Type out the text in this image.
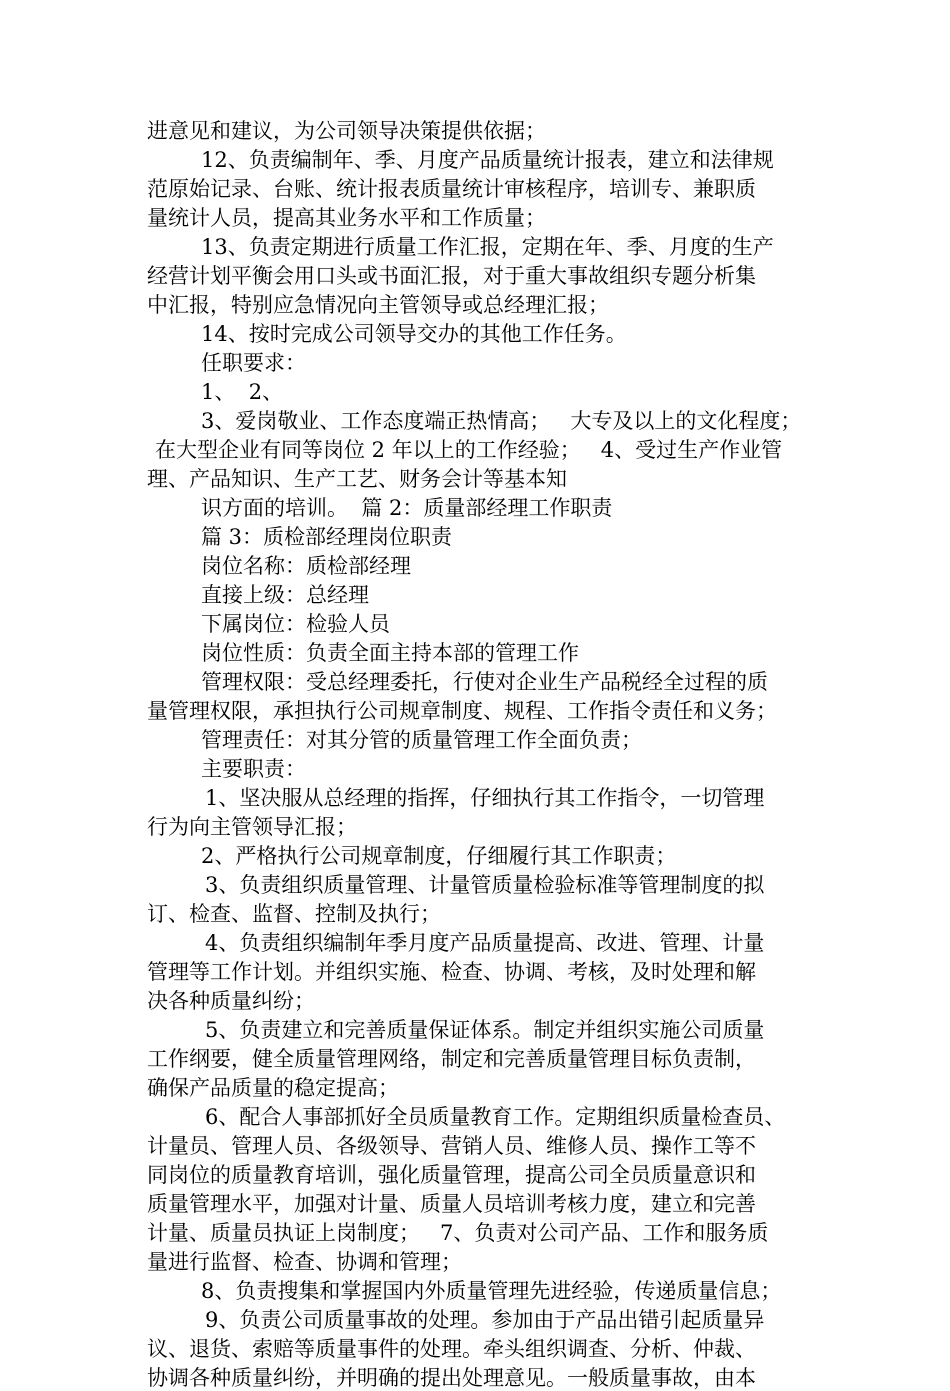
进意见和建议，为公司领导决策提供依据；
12、负责编制年、季、月度产品质量统计报表，建立和法律规
范原始记录、台账、统计报表质量统计审核程序，培训专、兼职质
量统计人员，提高其业务水平和工作质量；
13、负责定期进行质量工作汇报，定期在年、季、月度的生产
经营计划平衡会用口头或书面汇报，对于重大事故组织专题分析集
中汇报，特别应急情况向主管领导或总经理汇报；
14、按时完成公司领导交办的其他工作任务。
任职要求：
1、  2、
3、爱岗敬业、工作态度端正热情高；   大专及以上的文化程度；
在大型企业有同等岗位 2 年以上的工作经验；   4、受过生产作业管
理、产品知识、生产工艺、财务会计等基本知
识方面的培训。  篇 2：质量部经理工作职责
篇 3：质检部经理岗位职责
岗位名称：质检部经理
直接上级：总经理
下属岗位：检验人员
岗位性质：负责全面主持本部的管理工作
管理权限：受总经理委托，行使对企业生产品税经全过程的质
量管理权限，承担执行公司规章制度、规程、工作指令责任和义务；
管理责任：对其分管的质量管理工作全面负责；
主要职责：
1、坚决服从总经理的指挥，仔细执行其工作指令，一切管理
行为向主管领导汇报；
2、严格执行公司规章制度，仔细履行其工作职责；
3、负责组织质量管理、计量管质量检验标准等管理制度的拟
订、检查、监督、控制及执行；
4、负责组织编制年季月度产品质量提高、改进、管理、计量
管理等工作计划。并组织实施、检查、协调、考核，及时处理和解
决各种质量纠纷；
5、负责建立和完善质量保证体系。制定并组织实施公司质量
工作纲要，健全质量管理网络，制定和完善质量管理目标负责制，
确保产品质量的稳定提高；
6、配合人事部抓好全员质量教育工作。定期组织质量检查员、
计量员、管理人员、各级领导、营销人员、维修人员、操作工等不
同岗位的质量教育培训，强化质量管理，提高公司全员质量意识和
质量管理水平，加强对计量、质量人员培训考核力度，建立和完善
计量、质量员执证上岗制度；   7、负责对公司产品、工作和服务质
量进行监督、检查、协调和管理；
8、负责搜集和掌握国内外质量管理先进经验，传递质量信息；
9、负责公司质量事故的处理。参加由于产品出错引起质量异
议、退货、索赔等质量事件的处理。牵头组织调查、分析、仲裁、
协调各种质量纠纷，并明确的提出处理意见。一般质量事故，由本
